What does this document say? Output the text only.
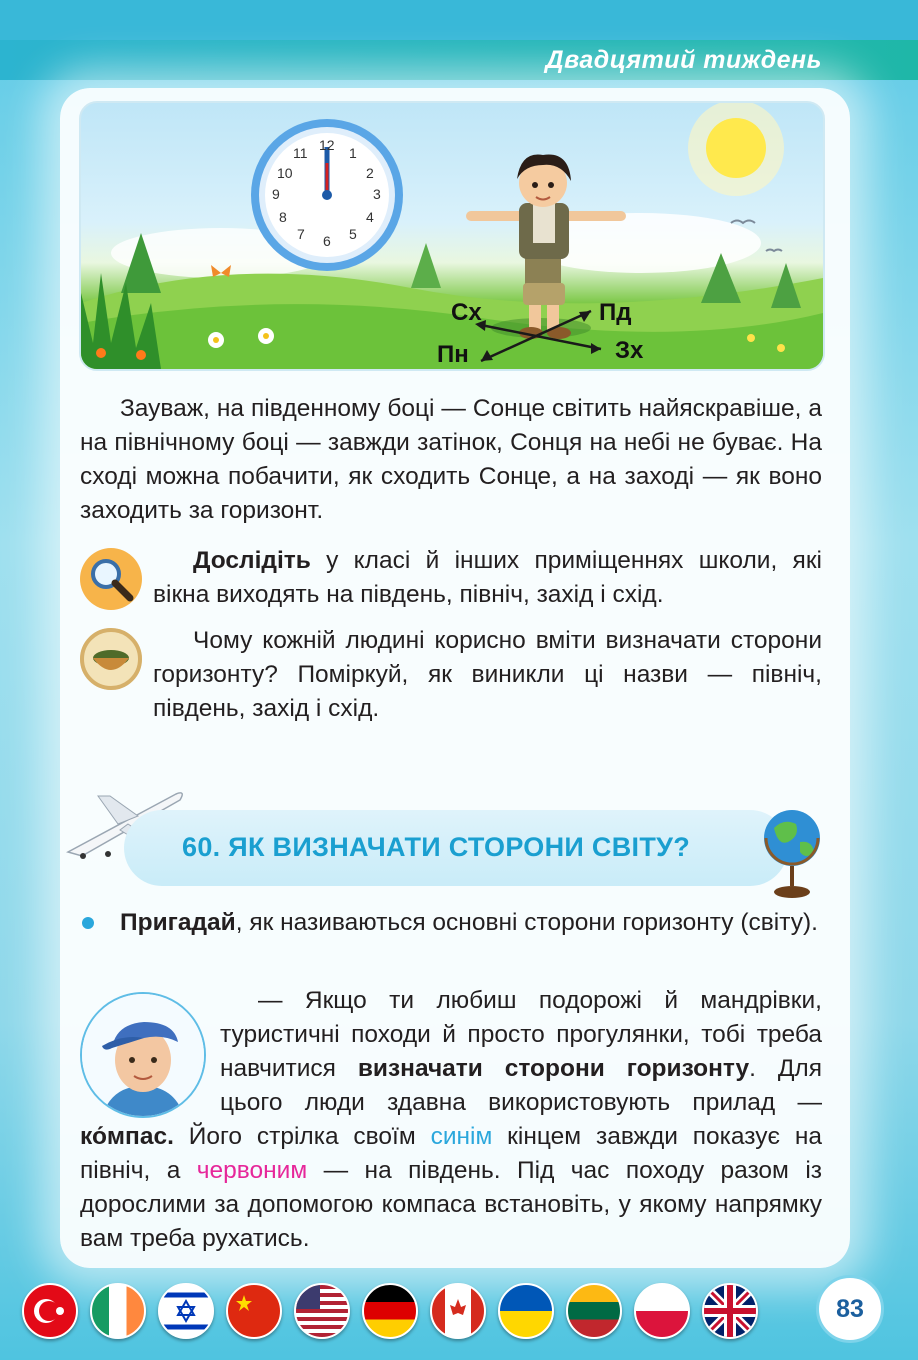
Двадцятий тиждень
12 1
2
3
4
5
6
7
8
9
10
11
Сх	Пд
Пн	Зх
Зауваж, на південному боці — Сонце світить найяскравіше, а на північному боці — завжди затінок, Сонця на небі не буває. На сході можна побачити, як сходить Сонце, а на заході — як воно заходить за горизонт.
Дослідіть у класі й інших приміщеннях школи, які вікна виходять на південь, північ, захід і схід.
Чому кожній людині корисно вміти визначати сторони горизонту? Поміркуй, як виникли ці назви — північ, південь, захід і схід.
60. ЯК ВИЗНАЧАТИ СТОРОНИ СВІТУ?
Пригадай, як називаються основні сторони горизонту (світу).
— Якщо ти любиш подорожі й мандрівки, туристичні походи й просто прогулянки, тобі треба навчитися визначати сторони горизонту. Для цього люди здавна використовують прилад — ко́мпас. Його стрілка своїм синім кінцем завжди показує на північ, а червоним — на південь. Під час походу разом із дорослими за допомогою компаса встановіть, у якому напрямку вам треба рухатись.
83
